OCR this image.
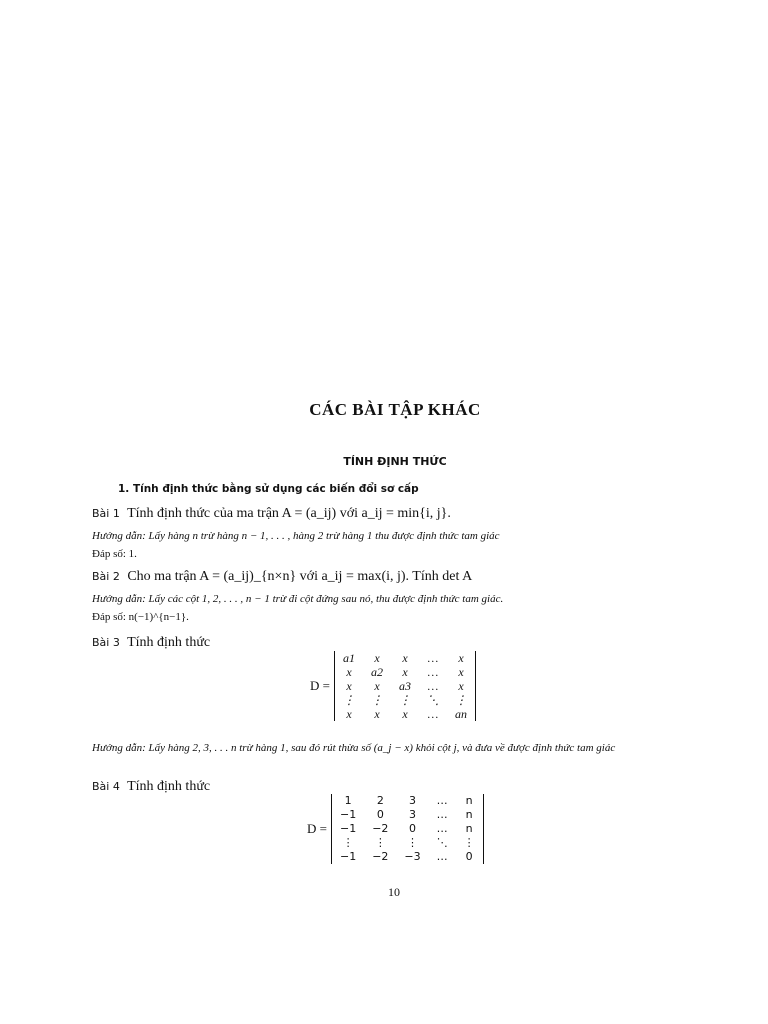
CÁC BÀI TẬP KHÁC
TÍNH ĐỊNH THỨC
1. Tính định thức bằng sử dụng các biến đổi sơ cấp
Bài 1 Tính định thức của ma trận A = (a_ij) với a_ij = min{i, j}.
Hướng dẫn: Lấy hàng n trừ hàng n − 1, . . . , hàng 2 trừ hàng 1 thu được định thức tam giác
Đáp số: 1.
Bài 2 Cho ma trận A = (a_ij)_{n×n} với a_ij = max(i, j). Tính det A
Hướng dẫn: Lấy các cột 1, 2, . . . , n − 1 trừ đi cột đứng sau nó, thu được định thức tam giác.
Đáp số: n(−1)^{n−1}.
Bài 3 Tính định thức
D =
a1	x	x	…	x
x	a2	x	…	x
x	x	a3	…	x
⋮	⋮	⋮	⋱	⋮
x	x	x	…	an
Hướng dẫn: Lấy hàng 2, 3, . . . n trừ hàng 1, sau đó rút thừa số (a_j − x) khỏi cột j, và đưa về được định thức tam giác
Bài 4 Tính định thức
D =
1	2	3	…	n
−1	0	3	…	n
−1	−2	0	…	n
⋮	⋮	⋮	⋱	⋮
−1	−2	−3	…	0
10
